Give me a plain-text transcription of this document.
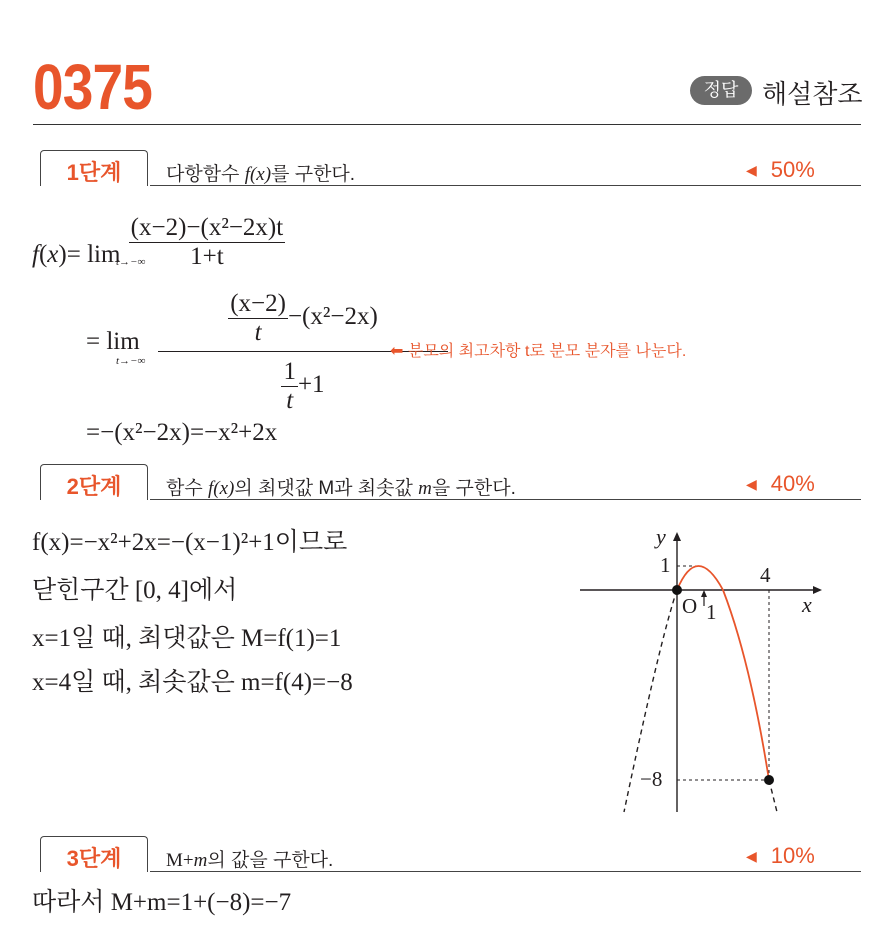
0375	정답 해설참조
1단계	다항함수 f(x)를 구한다.	◀ 50%
$f(x)= \lim \frac{\text{(x−2)−(x²−2x)t}}{1+t}$
t→−∞
= lim	$\frac{(x-2)}{t} -(x^2-2x)$
$\frac{1}{t} +1$
t→−∞
⬅ 분모의 최고차항 t로 분모 분자를 나눈다.
=−(x²−2x)=−x²+2x
2단계	함수 f(x)의 최댓값 M과 최솟값 m을 구한다.	◀ 40%
f(x)=−x²+2x=−(x−1)²+1이므로
닫힌구간 [0, 4]에서
x=1일 때, 최댓값은 M=f(1)=1
x=4일 때, 최솟값은 m=f(4)=−8
y
x
O
1	4
1
−8
3단계	M+m의 값을 구한다.	◀ 10%
따라서 M+m=1+(−8)=−7
